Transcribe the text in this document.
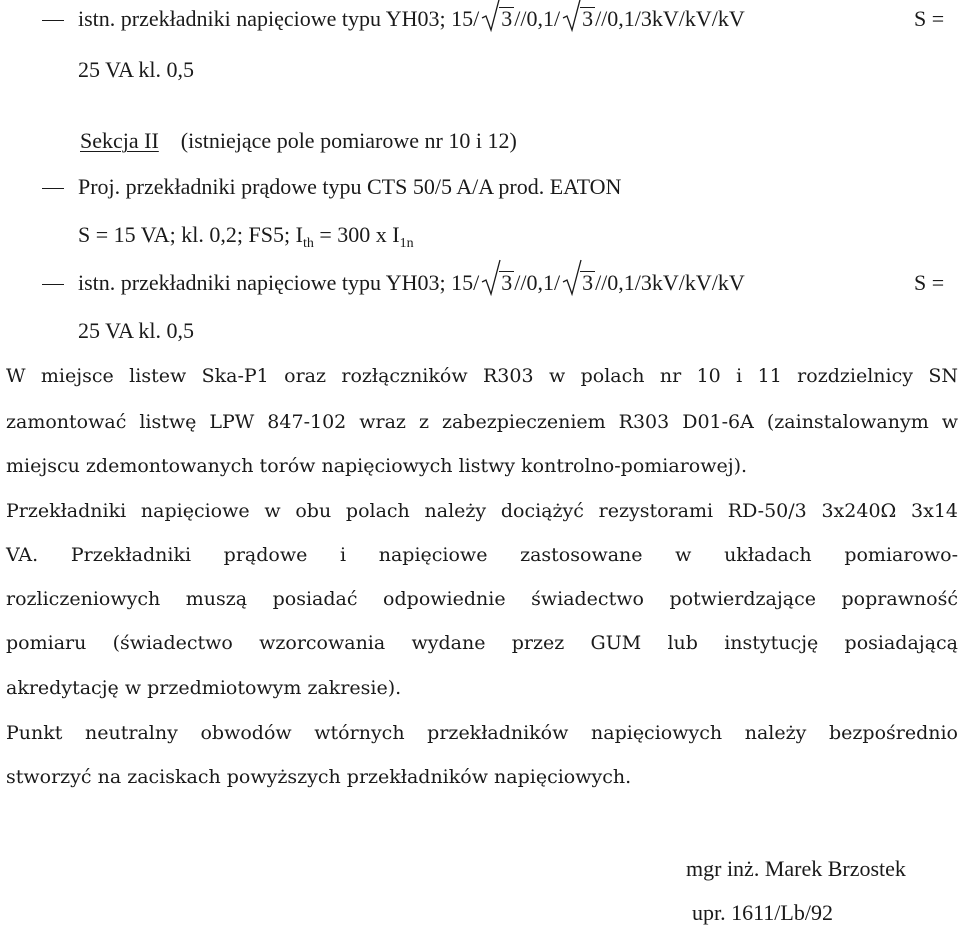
istn. przekładniki napięciowe typu YH03; 15/ 3//0,1/ 3//0,1/3kV/kV/kV	S =
25 VA kl. 0,5
Sekcja II (istniejące pole pomiarowe nr 10 i 12)
Proj. przekładniki prądowe typu CTS 50/5 A/A prod. EATON
S = 15 VA; kl. 0,2; FS5; $I_{th} = 300$ x $I_{1n}$
istn. przekładniki napięciowe typu YH03; 15/ 3//0,1/ 3//0,1/3kV/kV/kV	S =
25 VA kl. 0,5
W miejsce listew Ska-P1 oraz rozłączników R303 w polach nr 10 i 11 rozdzielnicy SN
zamontować listwę LPW 847-102 wraz z zabezpieczeniem R303 D01-6A (zainstalowanym w
miejscu zdemontowanych torów napięciowych listwy kontrolno-pomiarowej).
Przekładniki napięciowe w obu polach należy dociążyć rezystorami RD-50/3 3x240Ω 3x14
VA. Przekładniki prądowe i napięciowe zastosowane w układach pomiarowo-
rozliczeniowych muszą posiadać odpowiednie świadectwo potwierdzające poprawność
pomiaru (świadectwo wzorcowania wydane przez GUM lub instytucję posiadającą
akredytację w przedmiotowym zakresie).
Punkt neutralny obwodów wtórnych przekładników napięciowych należy bezpośrednio
stworzyć na zaciskach powyższych przekładników napięciowych.
mgr inż. Marek Brzostek
upr. 1611/Lb/92
